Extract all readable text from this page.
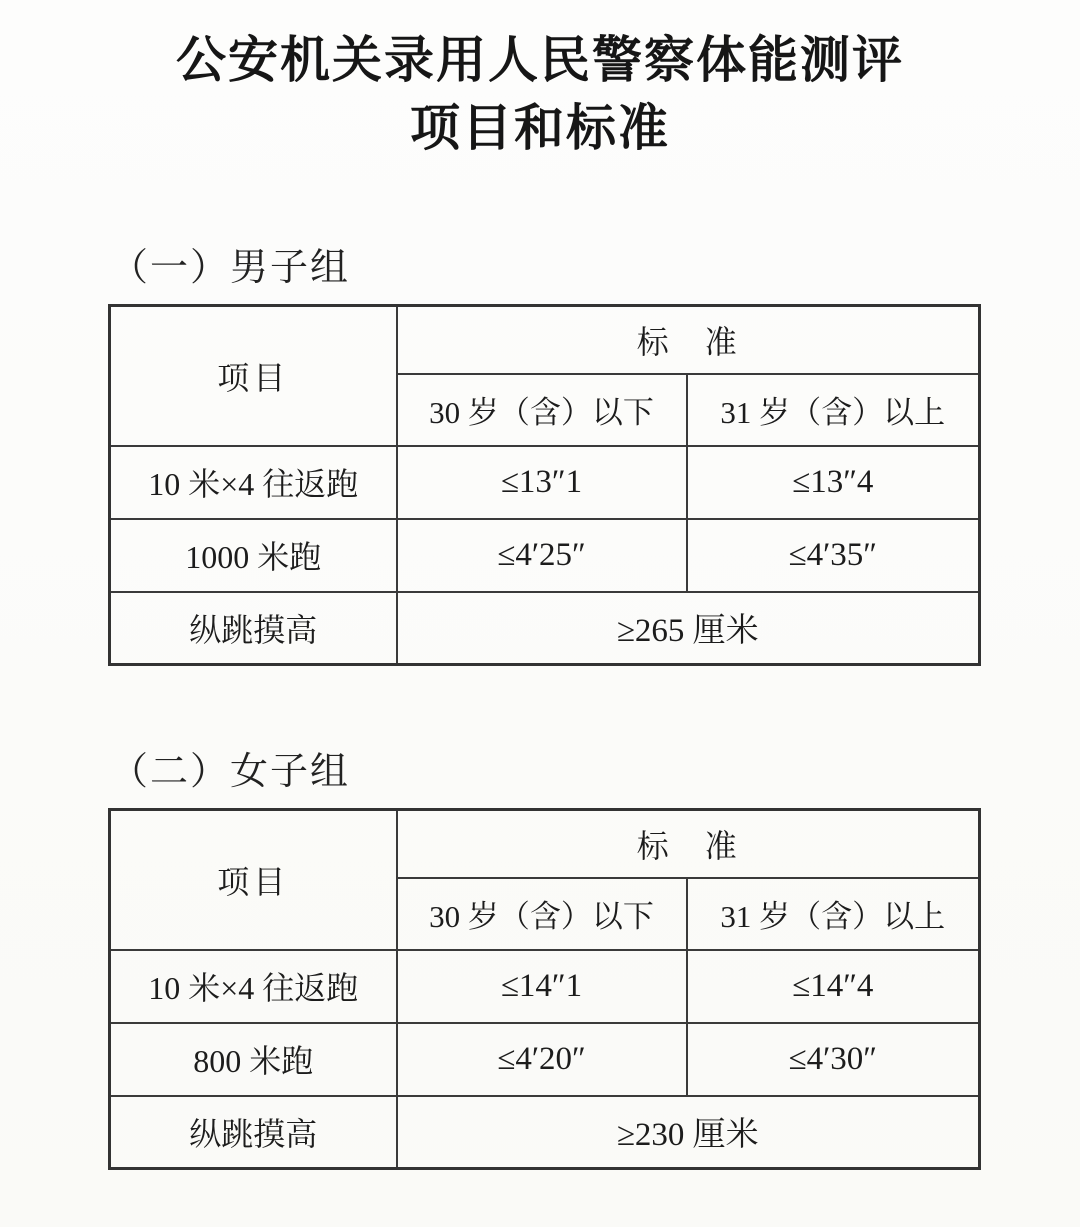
公安机关录用人民警察体能测评
项目和标准
（一）男子组
项目	标　准	
	30 岁（含）以下	31 岁（含）以上
10 米×4 往返跑	≤13″1	≤13″4
1000 米跑	≤4′25″	≤4′35″
纵跳摸高	≥265 厘米	
（二）女子组
项目	标　准	
	30 岁（含）以下	31 岁（含）以上
10 米×4 往返跑	≤14″1	≤14″4
800 米跑	≤4′20″	≤4′30″
纵跳摸高	≥230 厘米	
